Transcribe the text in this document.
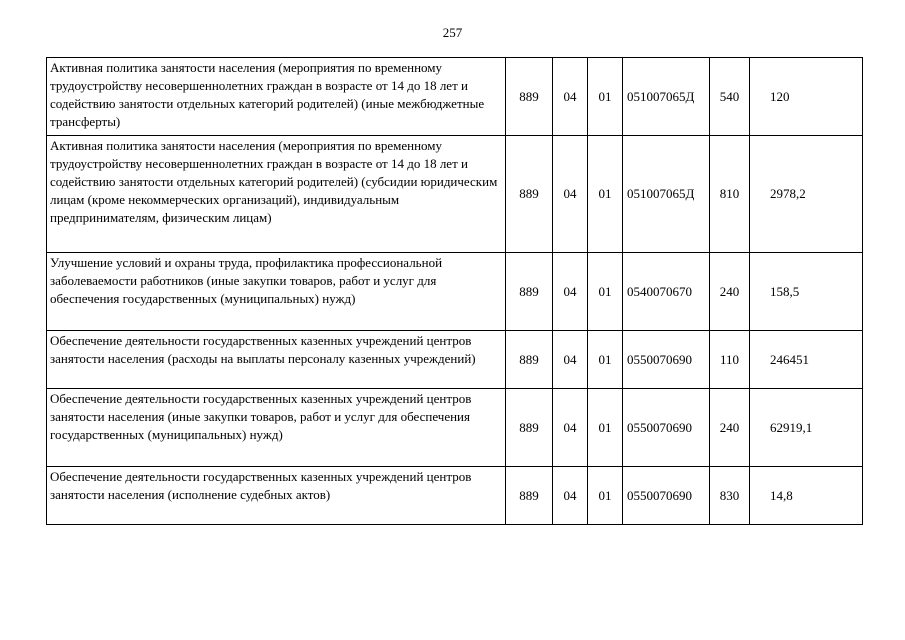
257
Активная политика занятости населения (мероприятия по временному трудоустройству несовершеннолетних граждан в возрасте от 14 до 18 лет и содействию занятости отдельных категорий родителей) (иные межбюджетные трансферты)	889	04	01	051007065Д	540	120
Активная политика занятости населения (мероприятия по временному трудоустройству несовершеннолетних граждан в возрасте от 14 до 18 лет и содействию занятости отдельных категорий родителей) (субсидии юридическим лицам (кроме некоммерческих организаций), индивидуальным предпринимателям, физическим лицам)	889	04	01	051007065Д	810	2978,2
Улучшение условий и охраны труда, профилактика профессиональной заболеваемости работников (иные закупки товаров, работ и услуг для обеспечения государственных (муниципальных) нужд)	889	04	01	0540070670	240	158,5
Обеспечение деятельности государственных казенных учреждений центров занятости населения (расходы на выплаты персоналу казенных учреждений)	889	04	01	0550070690	110	246451
Обеспечение деятельности государственных казенных учреждений центров занятости населения (иные закупки товаров, работ и услуг для обеспечения государственных (муниципальных) нужд)	889	04	01	0550070690	240	62919,1
Обеспечение деятельности государственных казенных учреждений центров занятости населения (исполнение судебных актов)	889	04	01	0550070690	830	14,8
